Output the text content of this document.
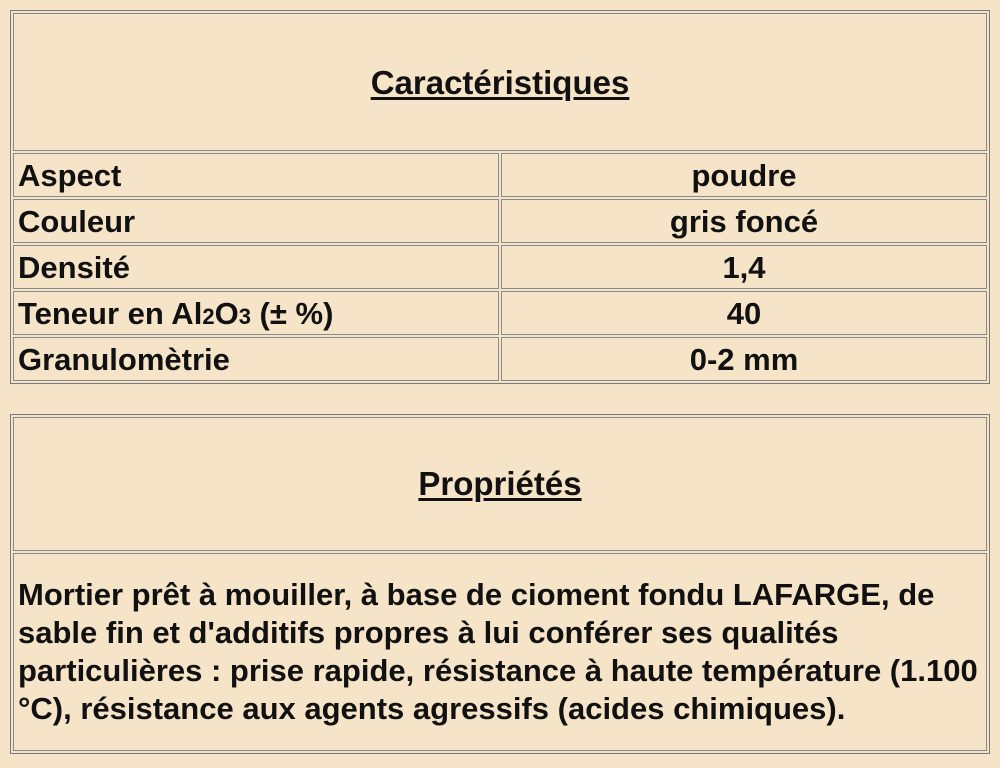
Caractéristiques	
Aspect	poudre
Couleur	gris foncé
Densité	1,4
Teneur en Al2O3 (± %)	40
Granulomètrie	0-2 mm
Propriétés
Mortier prêt à mouiller, à base de cioment fondu LAFARGE, de sable fin et d'additifs propres à lui conférer ses qualités particulières : prise rapide, résistance à haute température (1.100 °C), résistance aux agents agressifs (acides chimiques).
